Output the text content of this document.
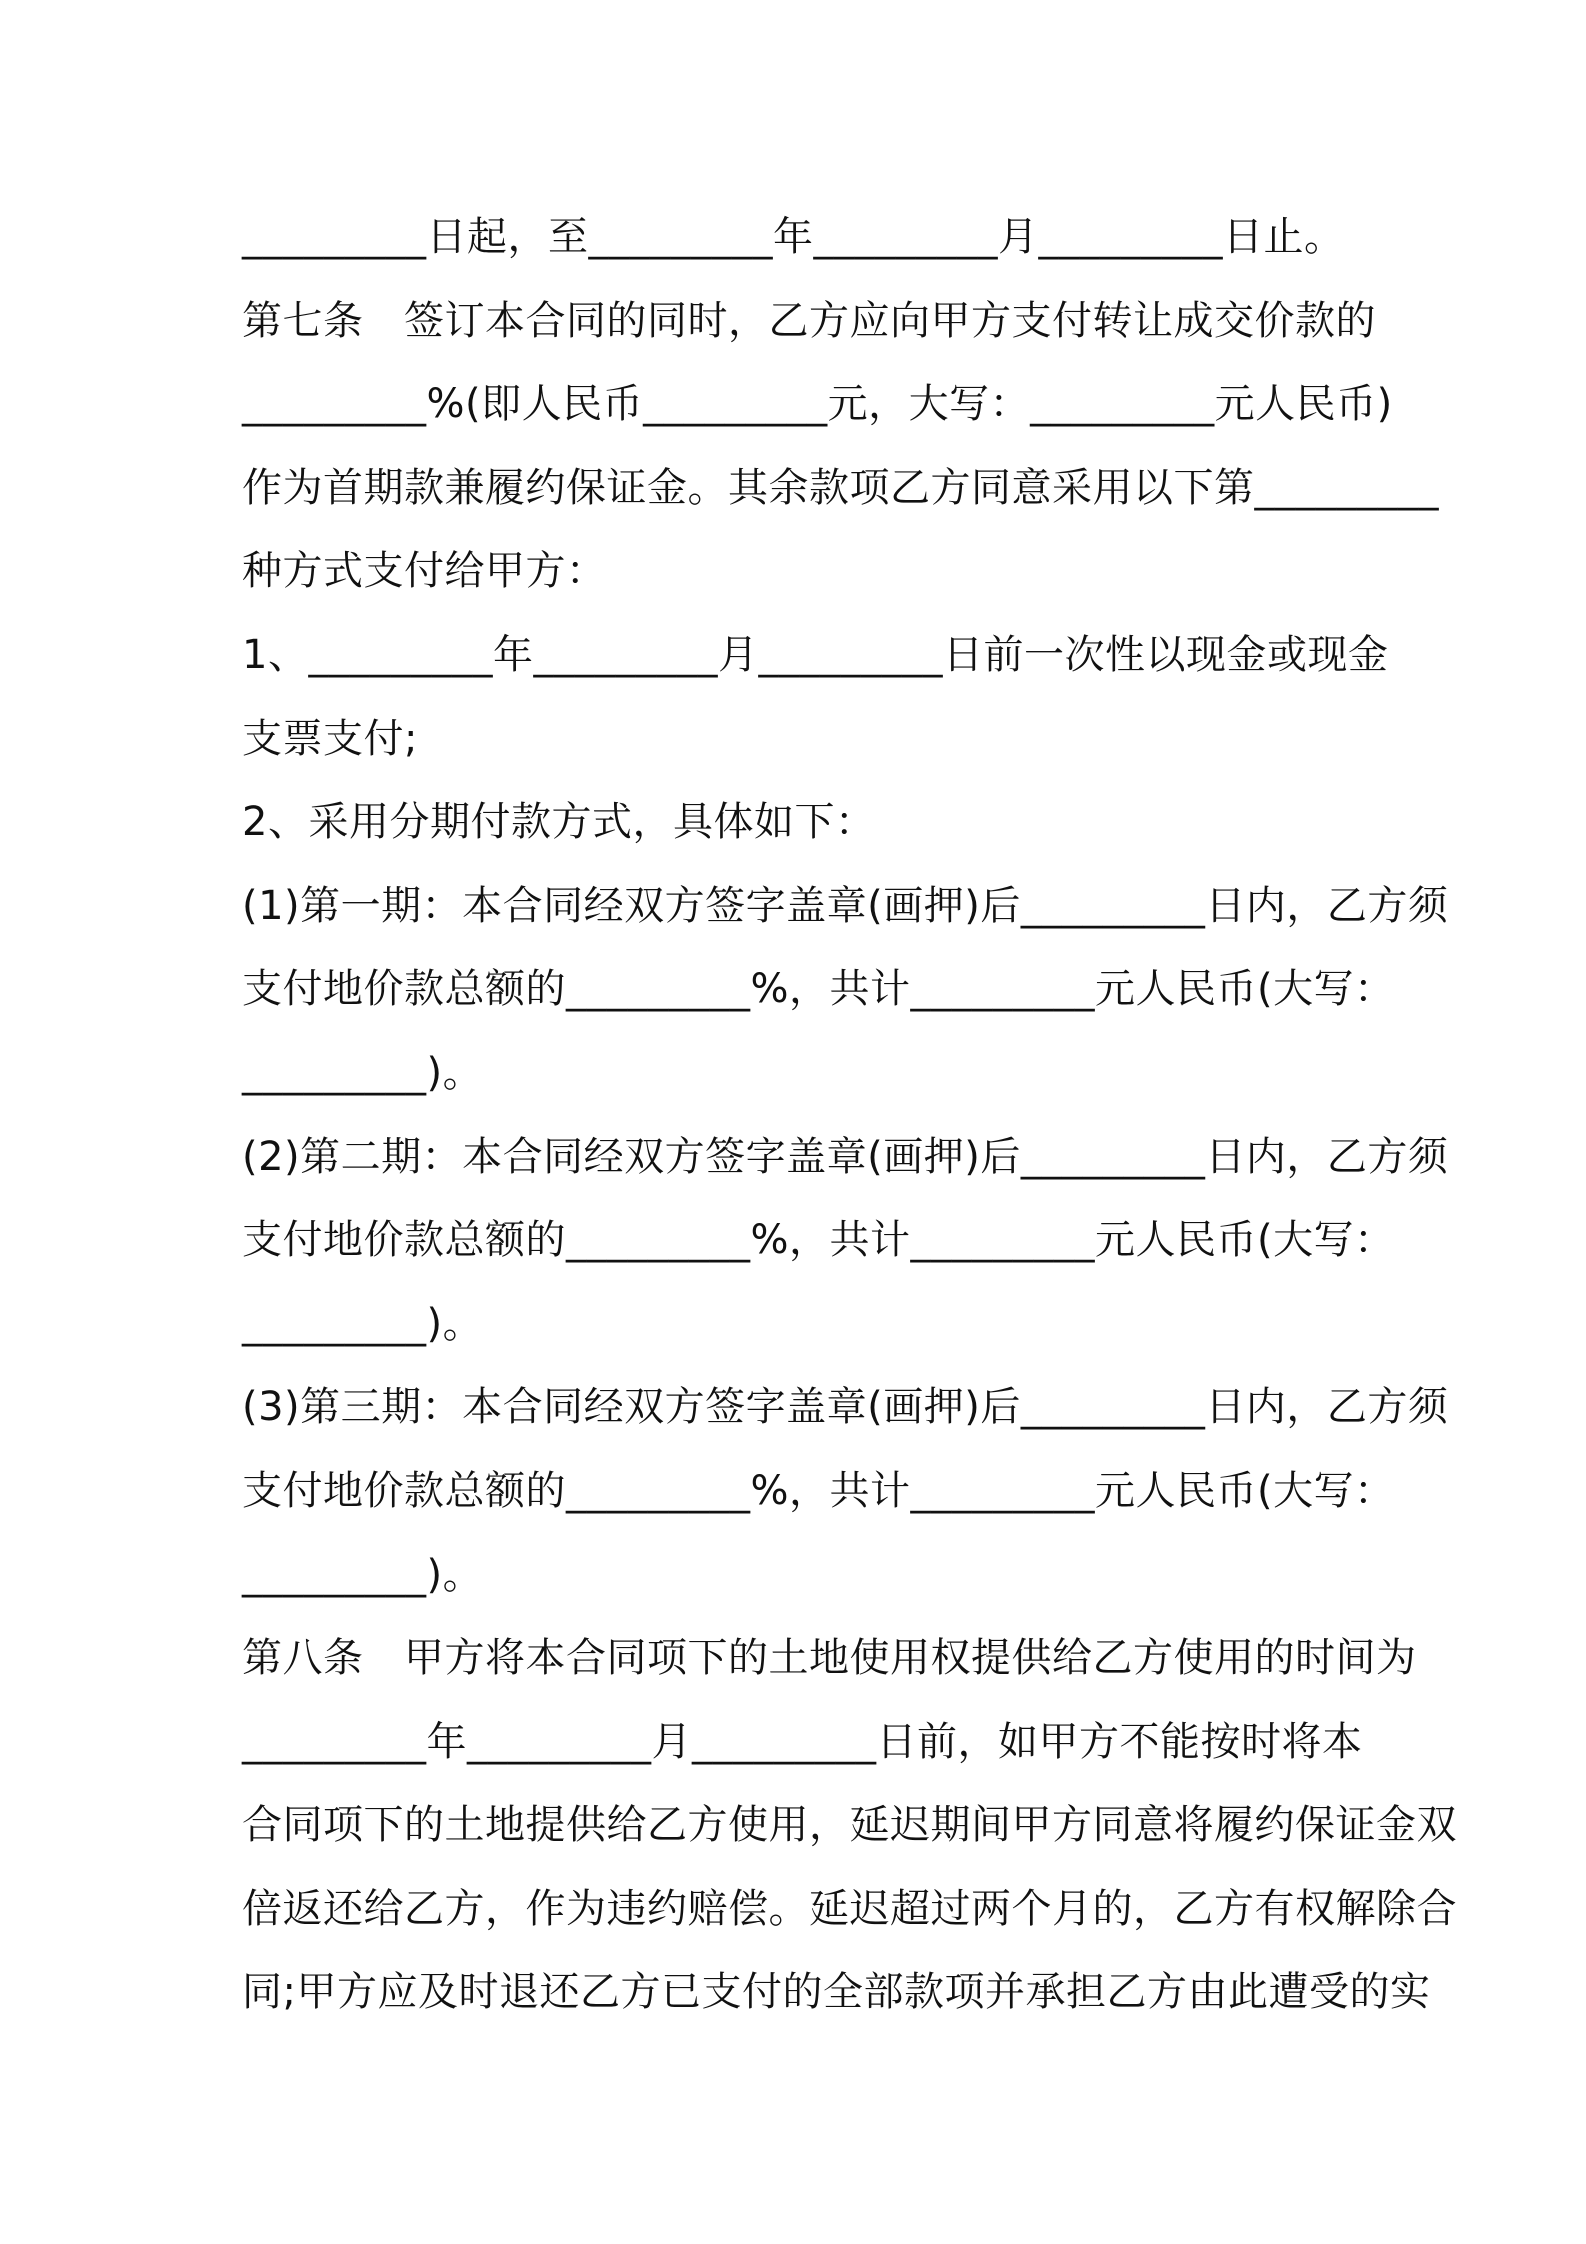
_________日起，至_________年_________月_________日止。
第七条　签订本合同的同时，乙方应向甲方支付转让成交价款的
_________%(即人民币_________元，大写：_________元人民币)
作为首期款兼履约保证金。其余款项乙方同意采用以下第_________
种方式支付给甲方：
1、_________年_________月_________日前一次性以现金或现金
支票支付;
2、采用分期付款方式，具体如下：
(1)第一期：本合同经双方签字盖章(画押)后_________日内，乙方须
支付地价款总额的_________%，共计_________元人民币(大写：
_________)。
(2)第二期：本合同经双方签字盖章(画押)后_________日内，乙方须
支付地价款总额的_________%，共计_________元人民币(大写：
_________)。
(3)第三期：本合同经双方签字盖章(画押)后_________日内，乙方须
支付地价款总额的_________%，共计_________元人民币(大写：
_________)。
第八条　甲方将本合同项下的土地使用权提供给乙方使用的时间为
_________年_________月_________日前，如甲方不能按时将本
合同项下的土地提供给乙方使用，延迟期间甲方同意将履约保证金双
倍返还给乙方，作为违约赔偿。延迟超过两个月的，乙方有权解除合
同;甲方应及时退还乙方已支付的全部款项并承担乙方由此遭受的实
